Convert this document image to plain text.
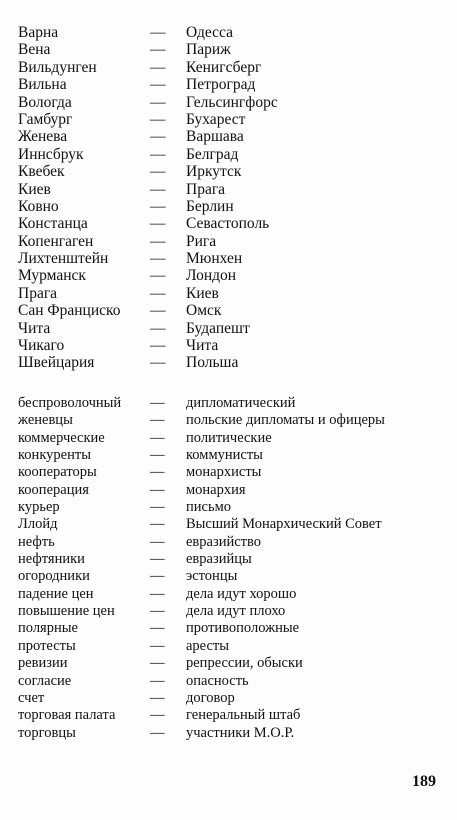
Варна	— Одесса
Вена	— Париж
Вильдунген	— Кенигсберг
Вильна	— Петроград
Вологда	— Гельсингфорс
Гамбург	— Бухарест
Женева	— Варшава
Иннсбрук	— Белград
Квебек	— Иркутск
Киев	— Прага
Ковно	— Берлин
Констанца	— Севастополь
Копенгаген	— Рига
Лихтенштейн	— Мюнхен
Мурманск	— Лондон
Прага	— Киев
Сан Франциско — Омск
Чита	— Будапешт
Чикаго	— Чита
Швейцария	— Польша
беспроволочный — дипломатический
женевцы	— польские дипломаты и офицеры
коммерческие	— политические
конкуренты	— коммунисты
кооператоры	— монархисты
кооперация	— монархия
курьер	— письмо
Ллойд	— Высший Монархический Совет
нефть	— евразийство
нефтяники	— евразийцы
огородники	— эстонцы
падение цен	— дела идут хорошо
повышение цен — дела идут плохо
полярные	— противоположные
протесты	— аресты
ревизии	— репрессии, обыски
согласие	— опасность
счет	— договор
торговая палата — генеральный штаб
торговцы	— участники М.О.Р.
189
